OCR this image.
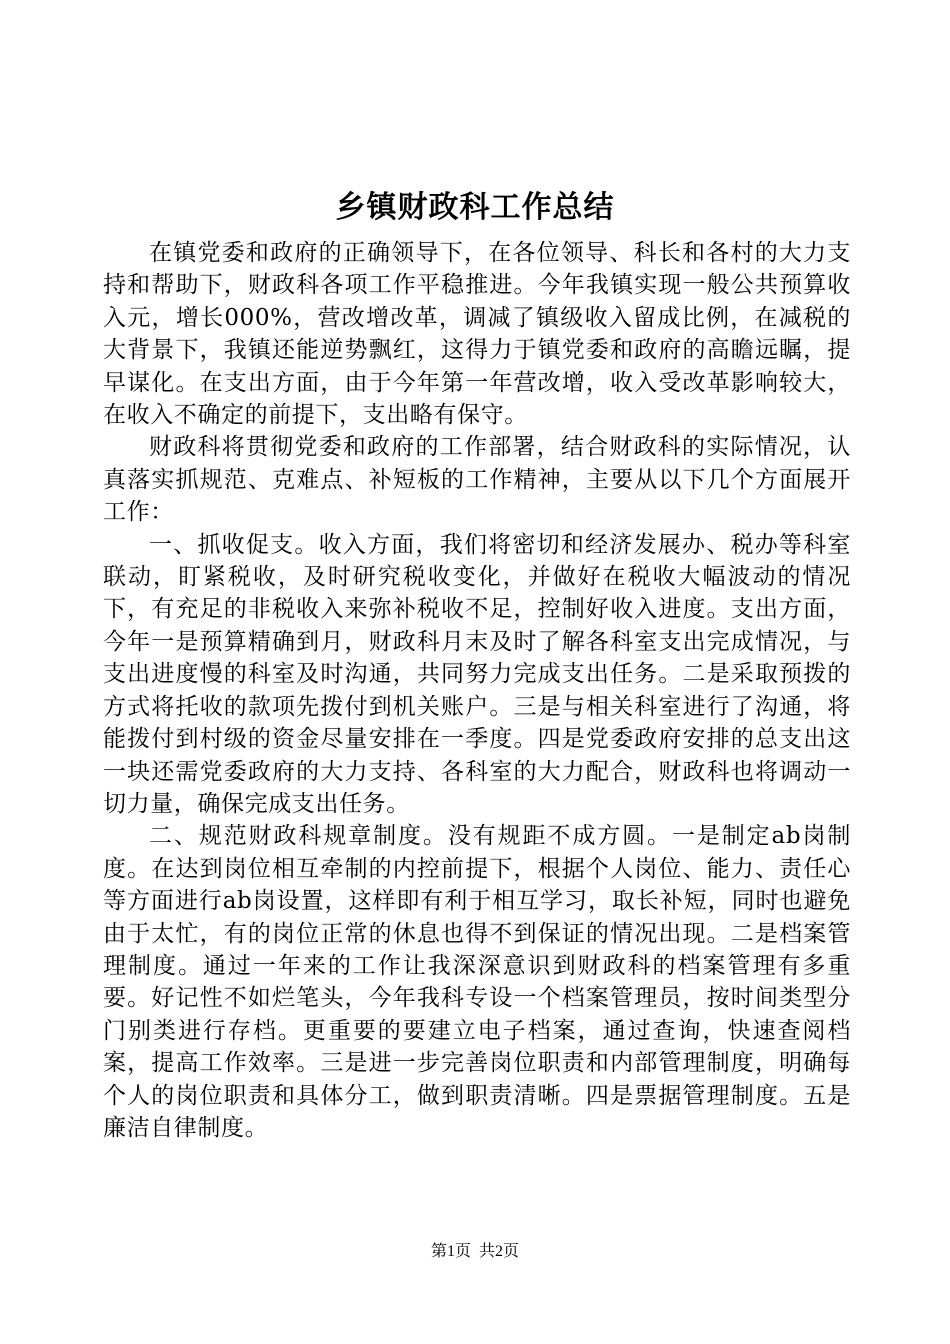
乡镇财政科工作总结

在镇党委和政府的正确领导下，在各位领导、科长和各村的大力支持和帮助下，财政科各项工作平稳推进。今年我镇实现一般公共预算收入元，增长000%，营改增改革，调减了镇级收入留成比例，在减税的大背景下，我镇还能逆势飘红，这得力于镇党委和政府的高瞻远瞩，提早谋化。在支出方面，由于今年第一年营改增，收入受改革影响较大，在收入不确定的前提下，支出略有保守。

财政科将贯彻党委和政府的工作部署，结合财政科的实际情况，认真落实抓规范、克难点、补短板的工作精神，主要从以下几个方面展开工作：

一、抓收促支。收入方面，我们将密切和经济发展办、税办等科室联动，盯紧税收，及时研究税收变化，并做好在税收大幅波动的情况下，有充足的非税收入来弥补税收不足，控制好收入进度。支出方面，今年一是预算精确到月，财政科月末及时了解各科室支出完成情况，与支出进度慢的科室及时沟通，共同努力完成支出任务。二是采取预拨的方式将托收的款项先拨付到机关账户。三是与相关科室进行了沟通，将能拨付到村级的资金尽量安排在一季度。四是党委政府安排的总支出这一块还需党委政府的大力支持、各科室的大力配合，财政科也将调动一切力量，确保完成支出任务。

二、规范财政科规章制度。没有规距不成方圆。一是制定ab岗制度。在达到岗位相互牵制的内控前提下，根据个人岗位、能力、责任心等方面进行ab岗设置，这样即有利于相互学习，取长补短，同时也避免由于太忙，有的岗位正常的休息也得不到保证的情况出现。二是档案管理制度。通过一年来的工作让我深深意识到财政科的档案管理有多重要。好记性不如烂笔头，今年我科专设一个档案管理员，按时间类型分门别类进行存档。更重要的要建立电子档案，通过查询，快速查阅档案，提高工作效率。三是进一步完善岗位职责和内部管理制度，明确每个人的岗位职责和具体分工，做到职责清晰。四是票据管理制度。五是廉洁自律制度。

第1页 共2页
